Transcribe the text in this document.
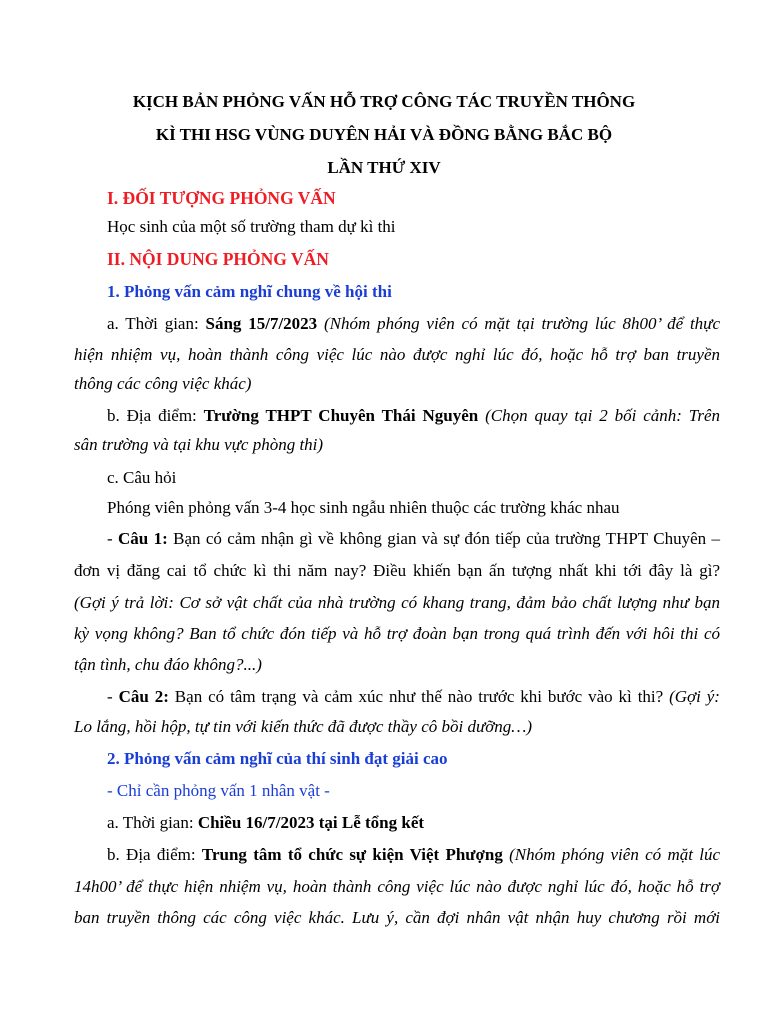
KỊCH BẢN PHỎNG VẤN HỖ TRỢ CÔNG TÁC TRUYỀN THÔNG
KÌ THI HSG VÙNG DUYÊN HẢI VÀ ĐỒNG BẰNG BẮC BỘ
LẦN THỨ XIV
I. ĐỐI TƯỢNG PHỎNG VẤN
Học sinh của một số trường tham dự kì thi
II. NỘI DUNG PHỎNG VẤN
1. Phỏng vấn cảm nghĩ chung về hội thi
a. Thời gian: Sáng 15/7/2023 (Nhóm phóng viên có mặt tại trường lúc 8h00’ để thực
hiện nhiệm vụ, hoàn thành công việc lúc nào được nghỉ lúc đó, hoặc hỗ trợ ban truyền
thông các công việc khác)
b. Địa điểm: Trường THPT Chuyên Thái Nguyên (Chọn quay tại 2 bối cảnh: Trên
sân trường và tại khu vực phòng thi)
c. Câu hỏi
Phóng viên phỏng vấn 3-4 học sinh ngẫu nhiên thuộc các trường khác nhau
- Câu 1: Bạn có cảm nhận gì về không gian và sự đón tiếp của trường THPT Chuyên –
đơn vị đăng cai tổ chức kì thi năm nay? Điều khiến bạn ấn tượng nhất khi tới đây là gì?
(Gợi ý trả lời: Cơ sở vật chất của nhà trường có khang trang, đảm bảo chất lượng như bạn
kỳ vọng không? Ban tổ chức đón tiếp và hỗ trợ đoàn bạn trong quá trình đến với hôi thi có
tận tình, chu đáo không?...)
- Câu 2: Bạn có tâm trạng và cảm xúc như thế nào trước khi bước vào kì thi? (Gợi ý:
Lo lắng, hồi hộp, tự tin với kiến thức đã được thầy cô bồi dưỡng…)
2. Phỏng vấn cảm nghĩ của thí sinh đạt giải cao
- Chỉ cần phỏng vấn 1 nhân vật -
a. Thời gian: Chiều 16/7/2023 tại Lễ tổng kết
b. Địa điểm: Trung tâm tổ chức sự kiện Việt Phượng (Nhóm phóng viên có mặt lúc
14h00’ để thực hiện nhiệm vụ, hoàn thành công việc lúc nào được nghỉ lúc đó, hoặc hỗ trợ
ban truyền thông các công việc khác. Lưu ý, cần đợi nhân vật nhận huy chương rồi mới
